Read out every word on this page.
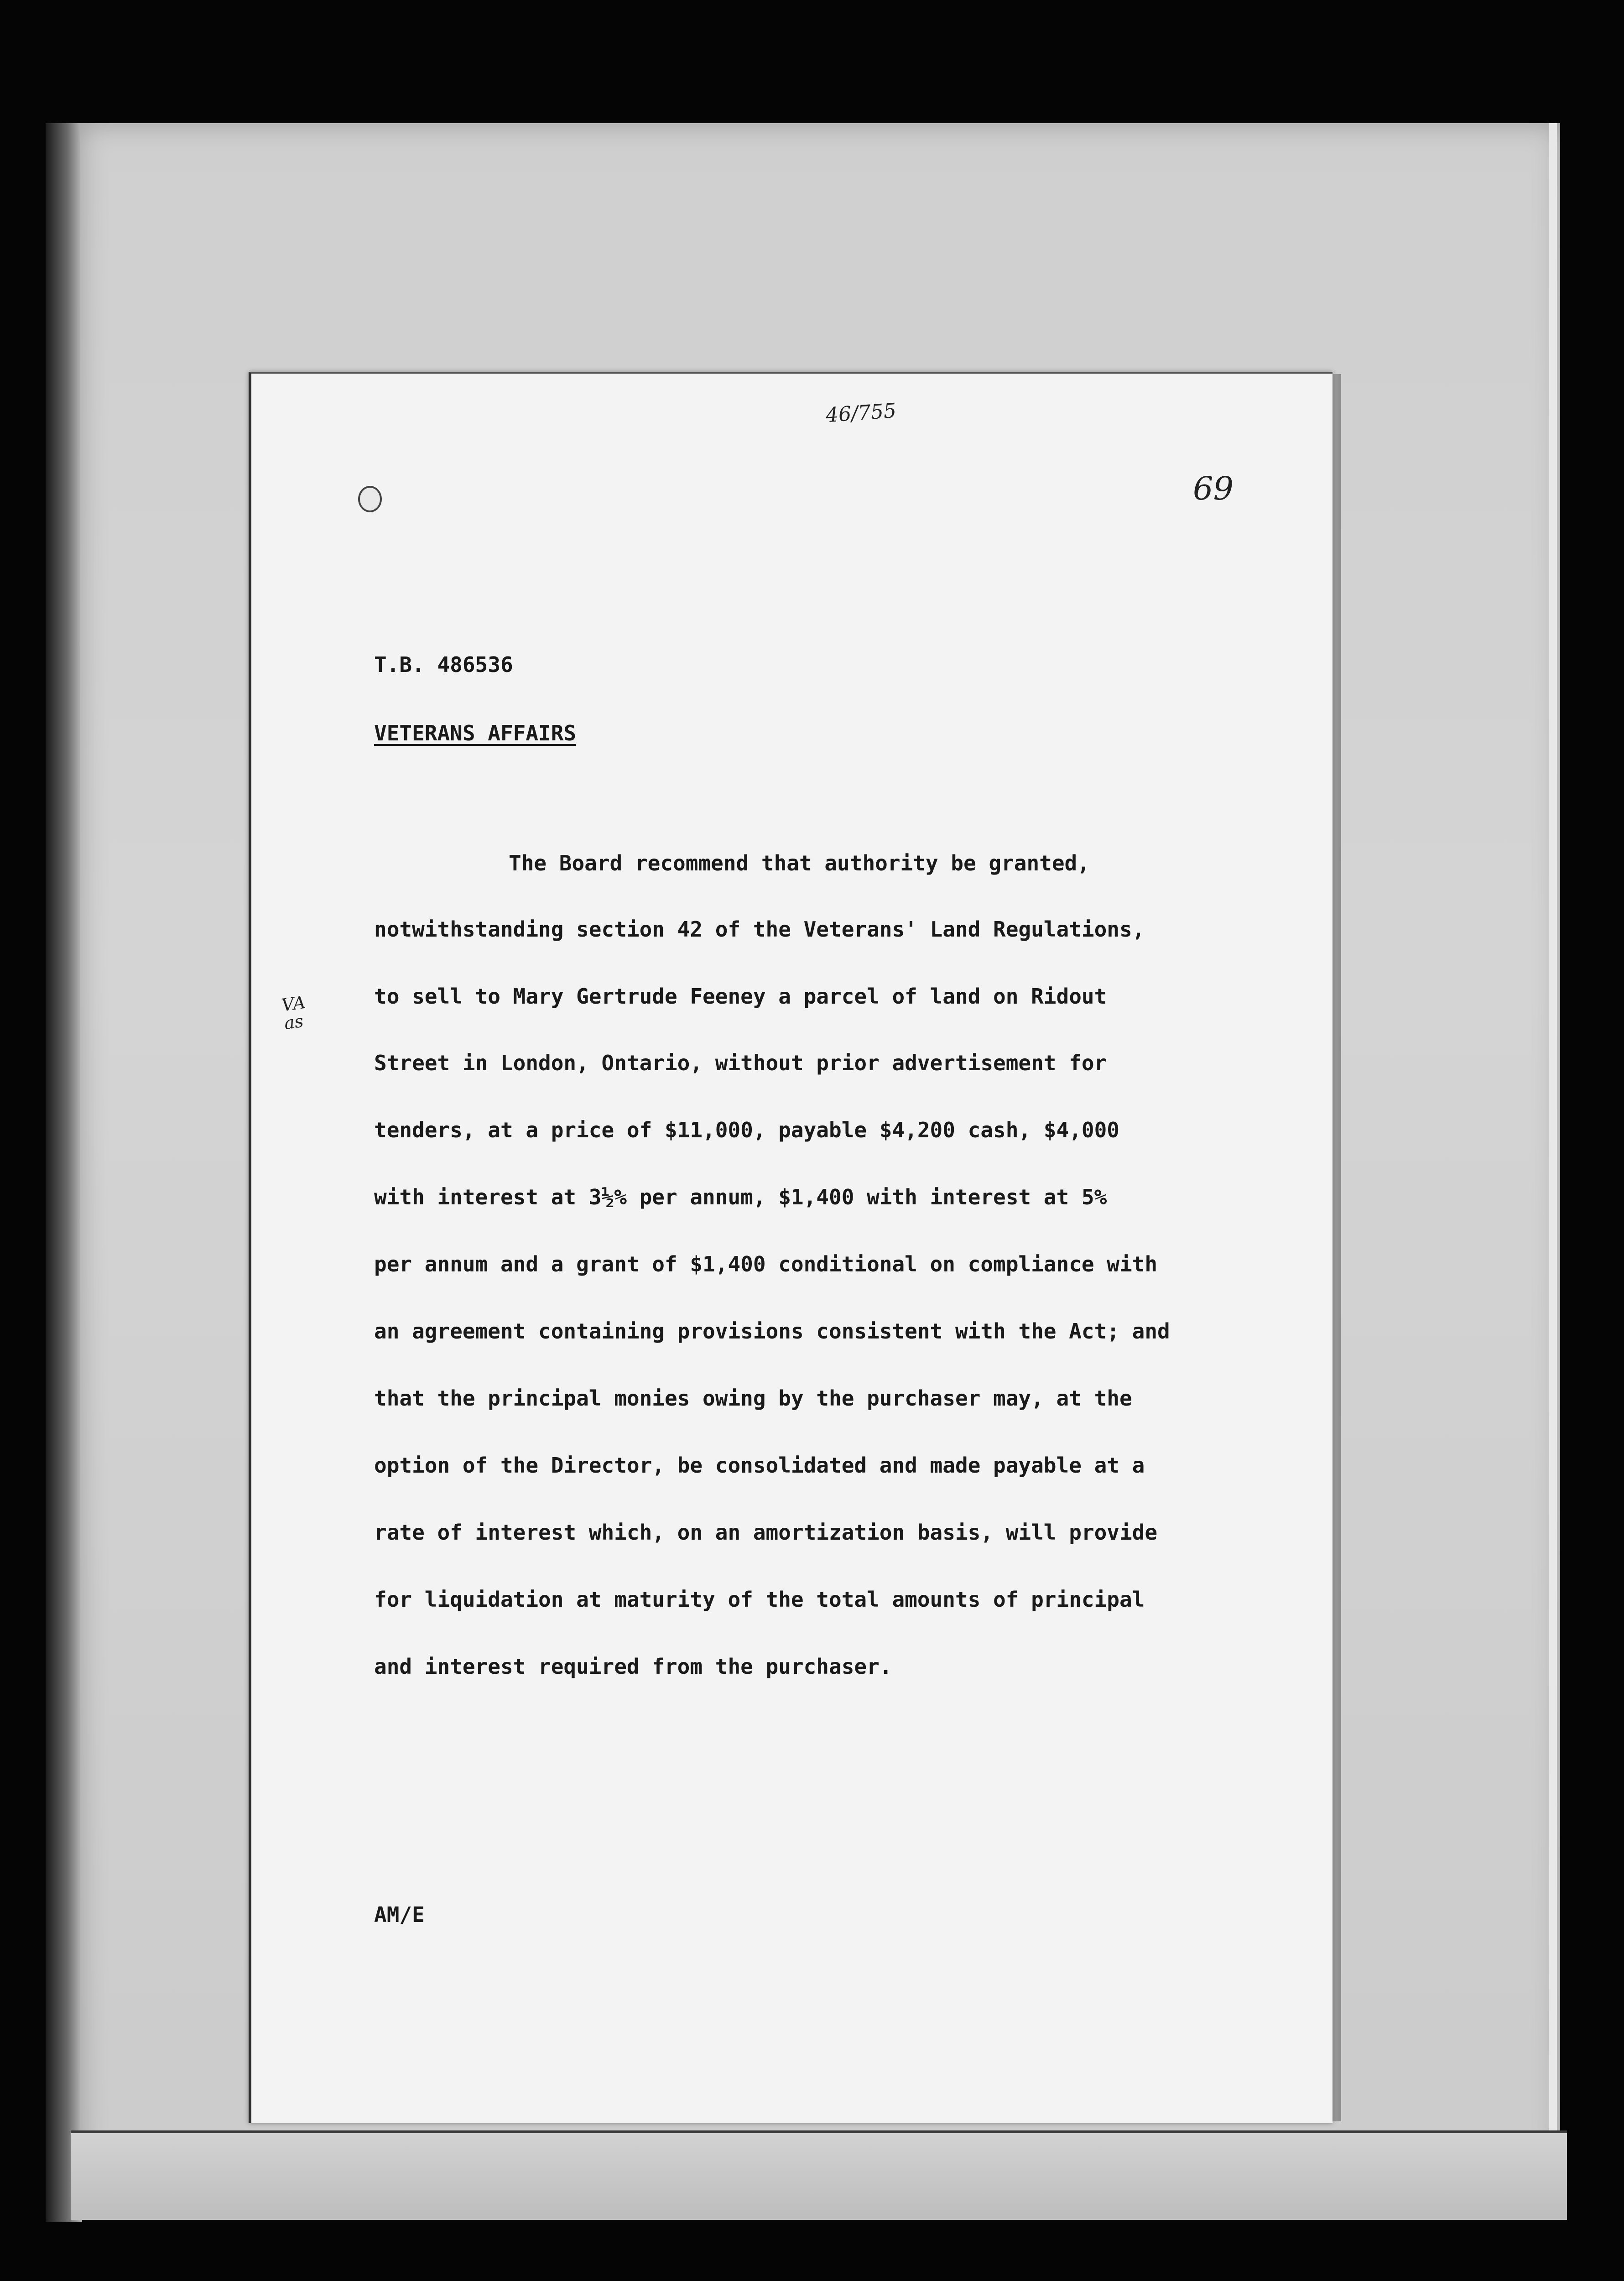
46/755
69
T.B. 486536
VETERANS AFFAIRS
The Board recommend that authority be granted,
notwithstanding section 42 of the Veterans' Land Regulations,
to sell to Mary Gertrude Feeney a parcel of land on Ridout
Street in London, Ontario, without prior advertisement for
tenders, at a price of $11,000, payable $4,200 cash, $4,000
with interest at 3½% per annum, $1,400 with interest at 5%
per annum and a grant of $1,400 conditional on compliance with
an agreement containing provisions consistent with the Act; and
that the principal monies owing by the purchaser may, at the
option of the Director, be consolidated and made payable at a
rate of interest which, on an amortization basis, will provide
for liquidation at maturity of the total amounts of principal
and interest required from the purchaser.
VA
as
AM/E
